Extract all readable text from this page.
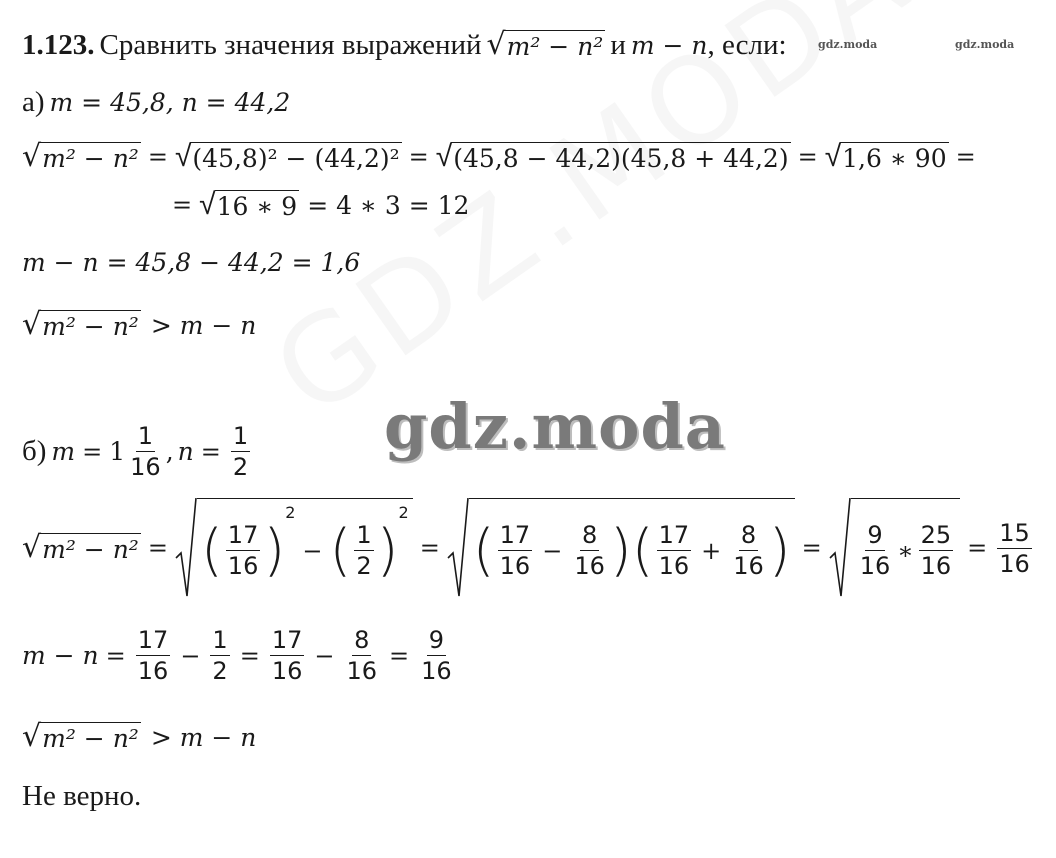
gdz.moda	gdz.moda
gdz.moda
1.123. Сравнить значения выражений √ m² − n² и m − n , если:
а) m = 45,8, n = 44,2
√ m² − n² = √ (45,8)² − (44,2)² = √ (45,8 − 44,2)(45,8 + 44,2) = √ 1,6 ∗ 90 =
= √ 16 ∗ 9 = 4 ∗ 3 = 12
m − n = 45,8 − 44,2 = 1,6
√ m² − n² > m − n
б) $m = 1 \frac{1}{16}$ , $n = \frac{1}{2}$
√ m² − n² = ( $\frac{17}{16}$ )
2
− ( $\frac{1}{2}$ )
2
= ( $\frac{17}{16} - \frac{8}{16}$ ) ( $\frac{17}{16} + \frac{8}{16}$ ) = $\frac{9}{16}$ ∗ $\frac{25}{16} = \frac{15}{16}$
$m - n = \frac{17}{16} - \frac{1}{2} = \frac{17}{16} - \frac{8}{16} = \frac{9}{16}$
√ m² − n² > m − n
Не верно.
